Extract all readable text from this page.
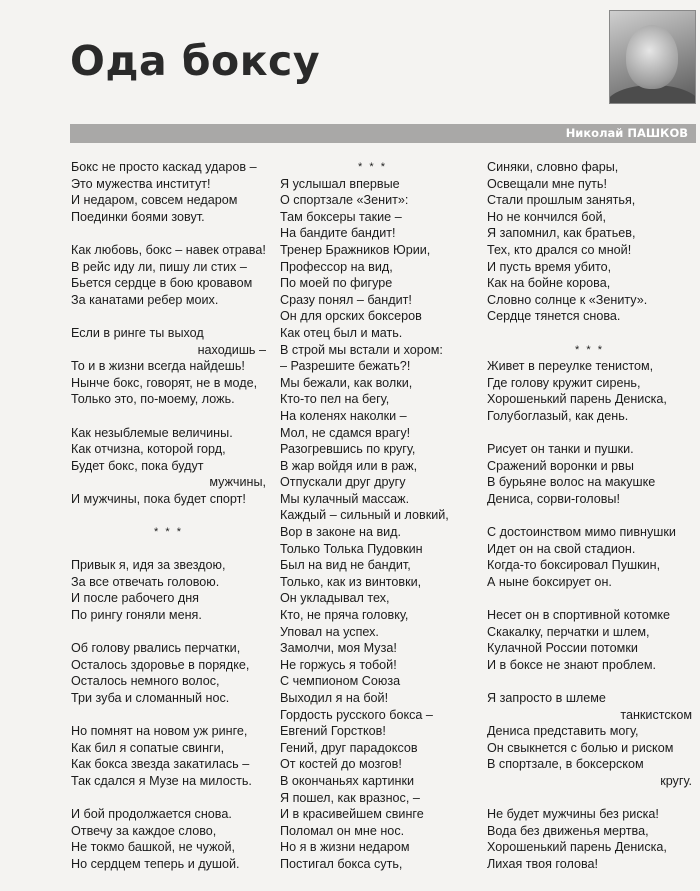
Ода боксу
Николай ПАШКОВ
Бокс не просто каскад ударов –
Это мужества институт!
И недаром, совсем недаром
Поединки боями зовут.
Как любовь, бокс – навек отрава!
В рейс иду ли, пишу ли стих –
Бьется сердце в бою кровавом
За канатами ребер моих.
Если в ринге ты выход
находишь –
То и в жизни всегда найдешь!
Нынче бокс, говорят, не в моде,
Только это, по-моему, ложь.
Как незыблемые величины.
Как отчизна, которой горд,
Будет бокс, пока будут
мужчины,
И мужчины, пока будет спорт!
* * *
Привык я, идя за звездою,
За все отвечать головою.
И после рабочего дня
По рингу гоняли меня.
Об голову рвались перчатки,
Осталось здоровье в порядке,
Осталось немного волос,
Три зуба и сломанный нос.
Но помнят на новом уж ринге,
Как бил я сопатые свинги,
Как бокса звезда закатилась –
Так сдался я Музе на милость.
И бой продолжается снова.
Отвечу за каждое слово,
Не токмо башкой, не чужой,
Но сердцем теперь и душой.
* * *
Я услышал впервые
О спортзале «Зенит»:
Там боксеры такие –
На бандите бандит!
Тренер Бражников Юрии,
Профессор на вид,
По моей по фигуре
Сразу понял – бандит!
Он для орских боксеров
Как отец был и мать.
В строй мы встали и хором:
– Разрешите бежать?!
Мы бежали, как волки,
Кто-то пел на бегу,
На коленях наколки –
Мол, не сдамся врагу!
Разогревшись по кругу,
В жар войдя или в раж,
Отпускали друг другу
Мы кулачный массаж.
Каждый – сильный и ловкий,
Вор в законе на вид.
Только Толька Пудовкин
Был на вид не бандит,
Только, как из винтовки,
Он укладывал тех,
Кто, не пряча головку,
Уповал на успех.
Замолчи, моя Муза!
Не горжусь я тобой!
С чемпионом Союза
Выходил я на бой!
Гордость русского бокса –
Евгений Горстков!
Гений, друг парадоксов
От костей до мозгов!
В окончаньях картинки
Я пошел, как вразнос, –
И в красивейшем свинге
Поломал он мне нос.
Но я в жизни недаром
Постигал бокса суть,
Синяки, словно фары,
Освещали мне путь!
Стали прошлым занятья,
Но не кончился бой,
Я запомнил, как братьев,
Тех, кто дрался со мной!
И пусть время убито,
Как на бойне корова,
Словно солнце к «Зениту».
Сердце тянется снова.
* * *
Живет в переулке тенистом,
Где голову кружит сирень,
Хорошенький парень Дениска,
Голубоглазый, как день.
Рисует он танки и пушки.
Сражений воронки и рвы
В бурьяне волос на макушке
Дениса, сорви-головы!
С достоинством мимо пивнушки
Идет он на свой стадион.
Когда-то боксировал Пушкин,
А ныне боксирует он.
Несет он в спортивной котомке
Скакалку, перчатки и шлем,
Кулачной России потомки
И в боксе не знают проблем.
Я запросто в шлеме
танкистском
Дениса представить могу,
Он свыкнется с болью и риском
В спортзале, в боксерском
кругу.
Не будет мужчины без риска!
Вода без движенья мертва,
Хорошенький парень Дениска,
Лихая твоя голова!
